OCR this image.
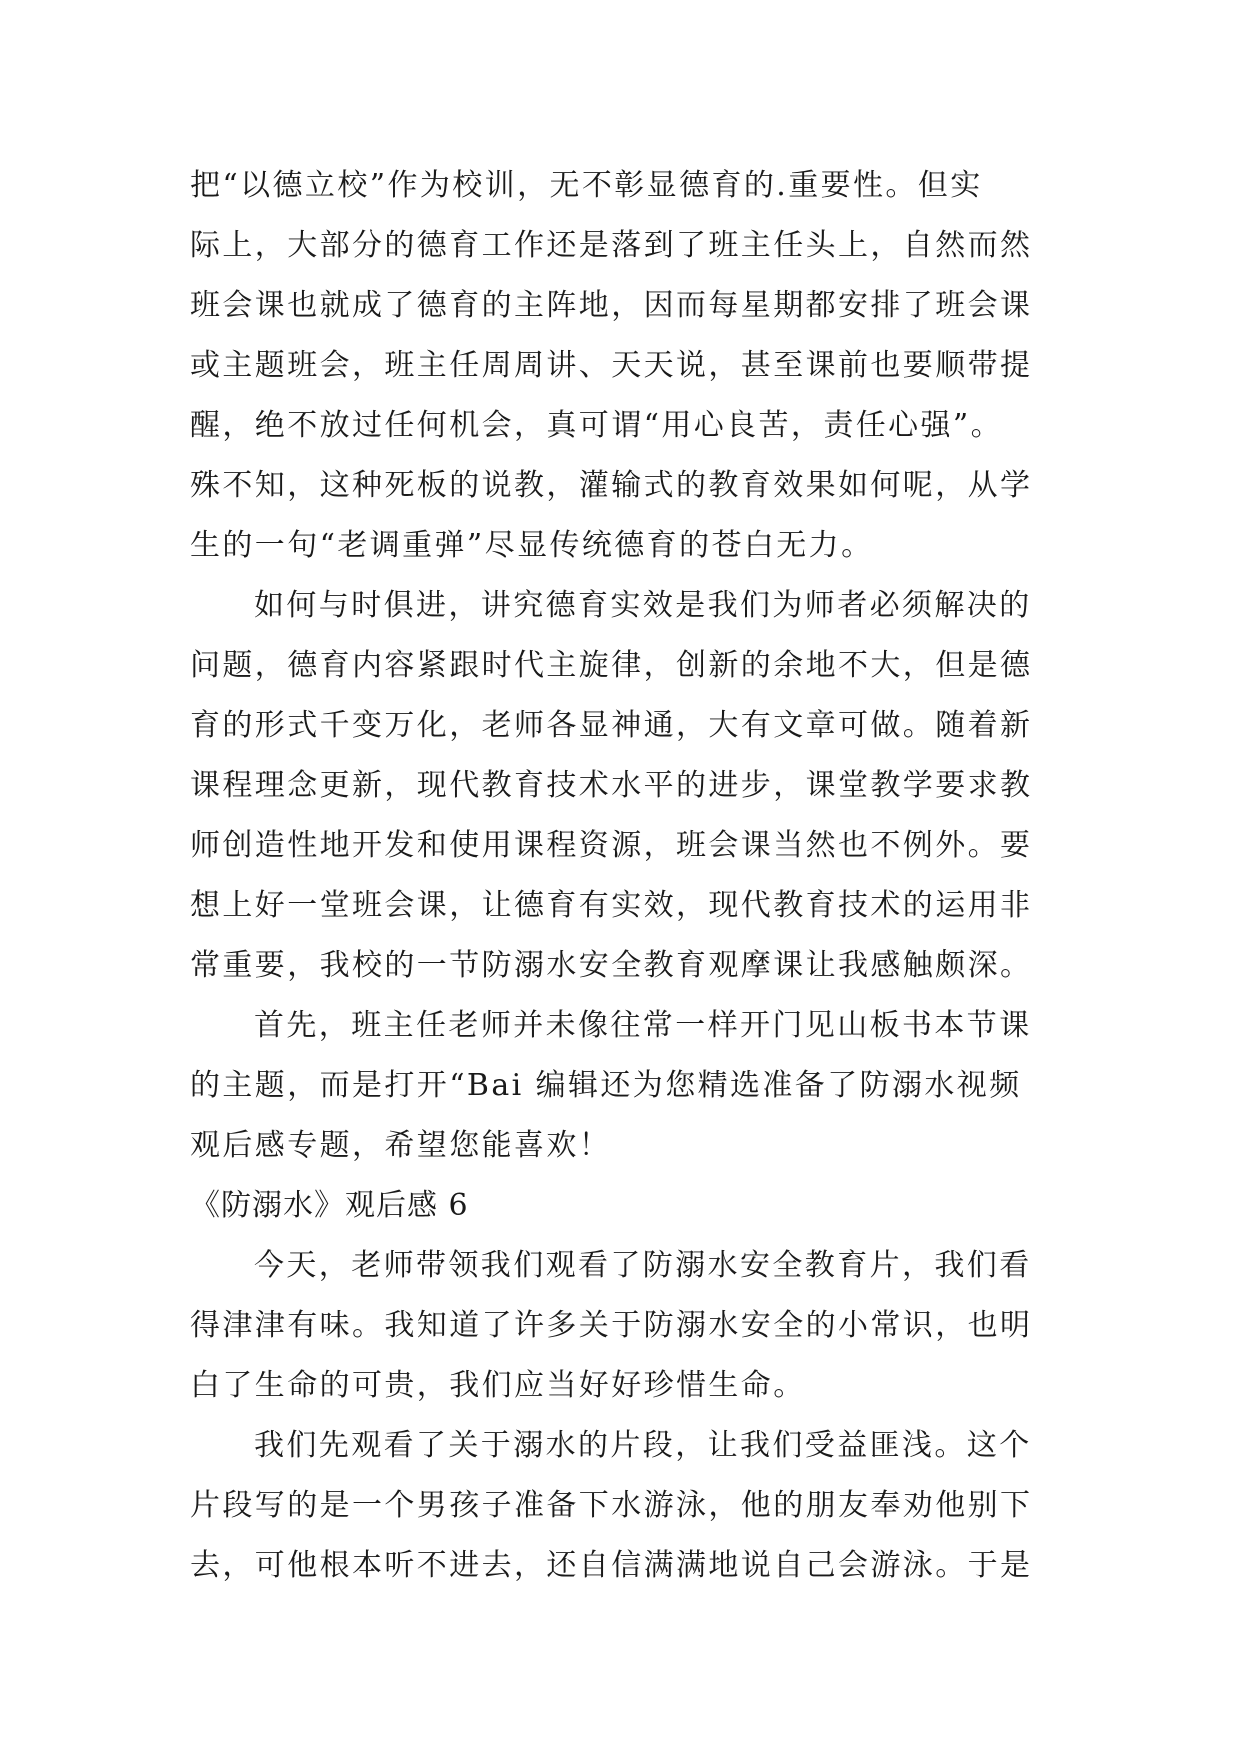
把“以德立校”作为校训，无不彰显德育的.重要性。但实
际上，大部分的德育工作还是落到了班主任头上，自然而然
班会课也就成了德育的主阵地，因而每星期都安排了班会课
或主题班会，班主任周周讲、天天说，甚至课前也要顺带提
醒，绝不放过任何机会，真可谓“用心良苦，责任心强”。
殊不知，这种死板的说教，灌输式的教育效果如何呢，从学
生的一句“老调重弹”尽显传统德育的苍白无力。
如何与时俱进，讲究德育实效是我们为师者必须解决的
问题，德育内容紧跟时代主旋律，创新的余地不大，但是德
育的形式千变万化，老师各显神通，大有文章可做。随着新
课程理念更新，现代教育技术水平的进步，课堂教学要求教
师创造性地开发和使用课程资源，班会课当然也不例外。要
想上好一堂班会课，让德育有实效，现代教育技术的运用非
常重要，我校的一节防溺水安全教育观摩课让我感触颇深。
首先，班主任老师并未像往常一样开门见山板书本节课
的主题，而是打开“Bai 编辑还为您精选准备了防溺水视频
观后感专题，希望您能喜欢！
《防溺水》观后感 6
今天，老师带领我们观看了防溺水安全教育片，我们看
得津津有味。我知道了许多关于防溺水安全的小常识，也明
白了生命的可贵，我们应当好好珍惜生命。
我们先观看了关于溺水的片段，让我们受益匪浅。这个
片段写的是一个男孩子准备下水游泳，他的朋友奉劝他别下
去，可他根本听不进去，还自信满满地说自己会游泳。于是
